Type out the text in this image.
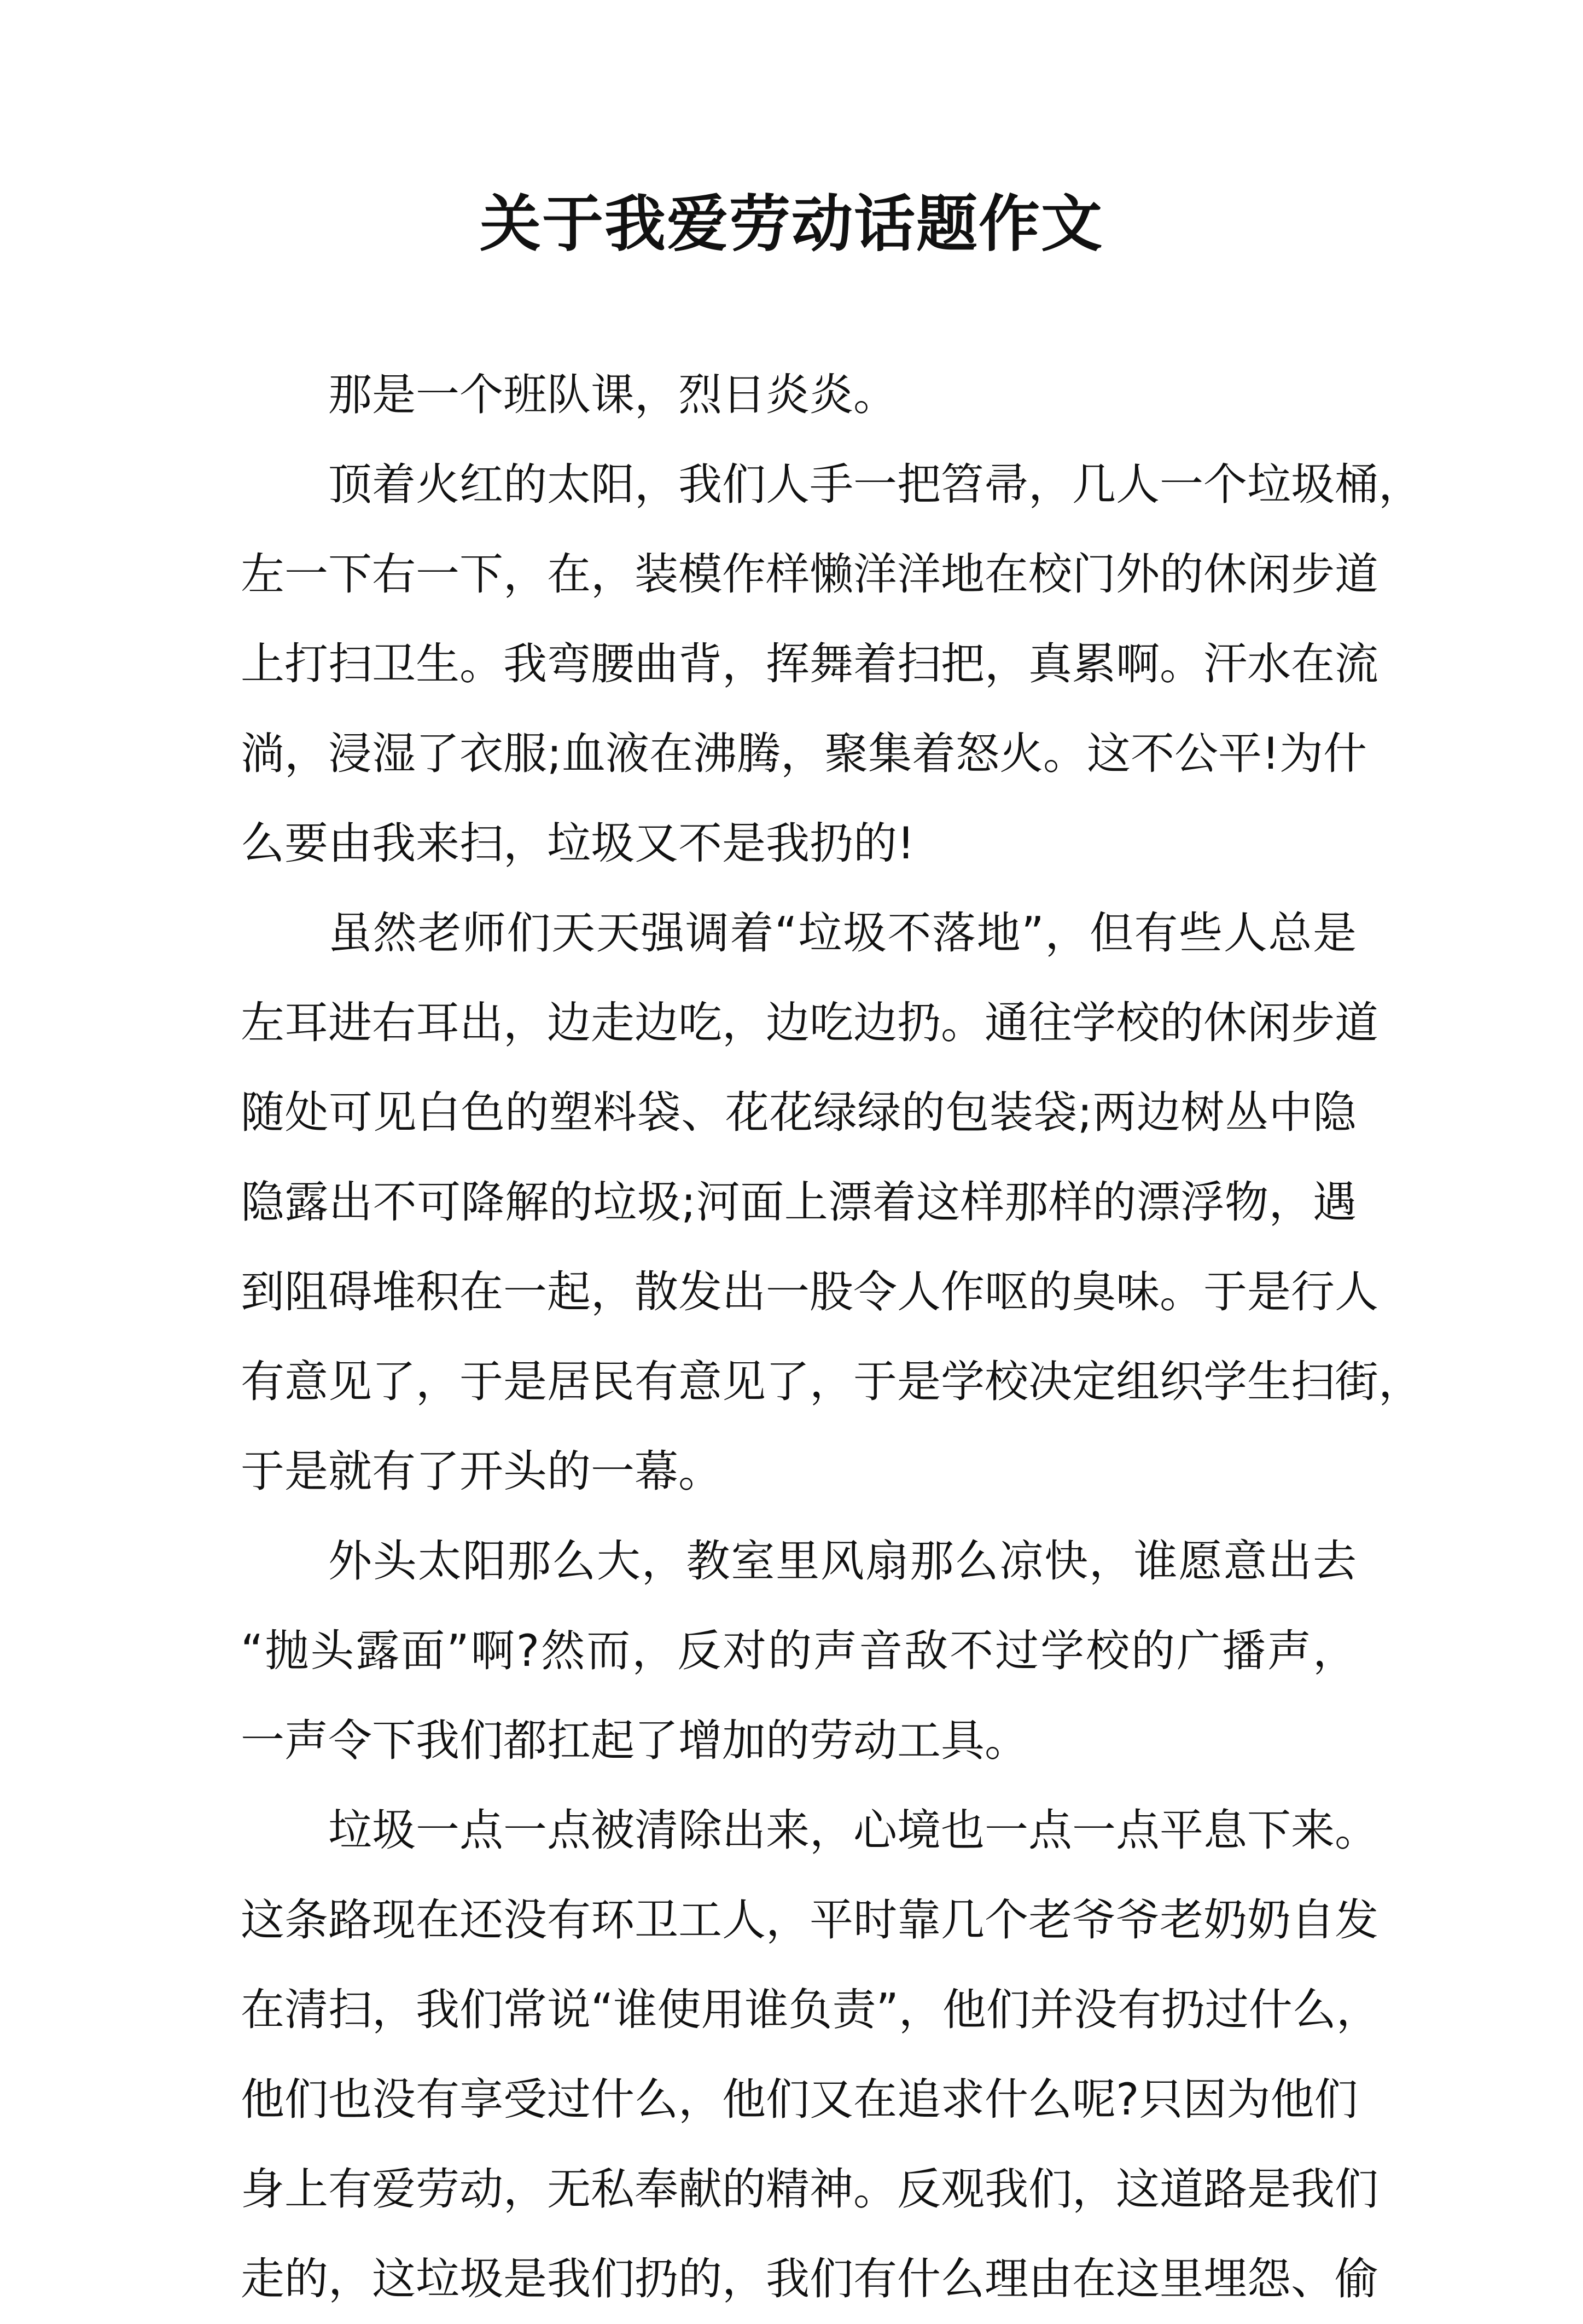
关于我爱劳动话题作文

那是一个班队课，烈日炎炎。

顶着火红的太阳，我们人手一把笤帚，几人一个垃圾桶，
左一下右一下，在，装模作样懒洋洋地在校门外的休闲步道
上打扫卫生。我弯腰曲背，挥舞着扫把，真累啊。汗水在流
淌，浸湿了衣服;血液在沸腾，聚集着怒火。这不公平!为什
么要由我来扫，垃圾又不是我扔的!

虽然老师们天天强调着“垃圾不落地”，但有些人总是
左耳进右耳出，边走边吃，边吃边扔。通往学校的休闲步道
随处可见白色的塑料袋、花花绿绿的包装袋;两边树丛中隐
隐露出不可降解的垃圾;河面上漂着这样那样的漂浮物，遇
到阻碍堆积在一起，散发出一股令人作呕的臭味。于是行人
有意见了，于是居民有意见了，于是学校决定组织学生扫街，
于是就有了开头的一幕。

外头太阳那么大，教室里风扇那么凉快，谁愿意出去
“抛头露面”啊?然而，反对的声音敌不过学校的广播声，
一声令下我们都扛起了增加的劳动工具。

垃圾一点一点被清除出来，心境也一点一点平息下来。
这条路现在还没有环卫工人，平时靠几个老爷爷老奶奶自发
在清扫，我们常说“谁使用谁负责”，他们并没有扔过什么，
他们也没有享受过什么，他们又在追求什么呢?只因为他们
身上有爱劳动，无私奉献的精神。反观我们，这道路是我们
走的，这垃圾是我们扔的，我们有什么理由在这里埋怨、偷
